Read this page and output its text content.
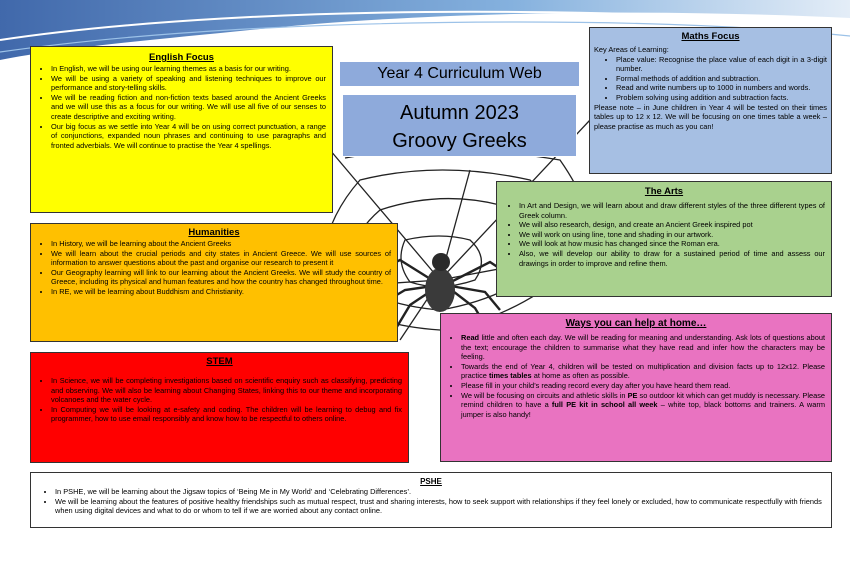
English Focus

• In English, we will be using our learning themes as a basis for our writing.
• We will be using a variety of speaking and listening techniques to improve our performance and story-telling skills.
• We will be reading fiction and non-fiction texts based around the Ancient Greeks and we will use this as a focus for our writing. We will use all five of our senses to create descriptive and exciting writing.
• Our big focus as we settle into Year 4 will be on using correct punctuation, a range of conjunctions, expanded noun phrases and continuing to use paragraphs and fronted adverbials. We will continue to practise the Year 4 spellings.
Year 4 Curriculum Web
Autumn 2023
Groovy Greeks

Maths Focus

Key Areas of Learning:

• Place value: Recognise the place value of each digit in a 3-digit number.
• Formal methods of addition and subtraction.
• Read and write numbers up to 1000 in numbers and words.
• Problem solving using addition and subtraction facts.

Please note – in June children in Year 4 will be tested on their times tables up to 12 x 12. We will be focusing on one times table a week – please practise as much as you can!

The Arts

• In Art and Design, we will learn about and draw different styles of the three different types of Greek column.
• We will also research, design, and create an Ancient Greek inspired pot
• We will work on using line, tone and shading in our artwork.
• We will look at how music has changed since the Roman era.
• Also, we will develop our ability to draw for a sustained period of time and assess our drawings in order to improve and refine them.

Humanities

• In History, we will be learning about the Ancient Greeks
• We will learn about the crucial periods and city states in Ancient Greece. We will use sources of information to answer questions about the past and organise our research to present it
• Our Geography learning will link to our learning about the Ancient Greeks. We will study the country of Greece, including its physical and human features and how the country has changed throughout time.
• In RE, we will be learning about Buddhism and Christianity.

Ways you can help at home…

• Read little and often each day. We will be reading for meaning and understanding. Ask lots of questions about the text; encourage the children to summarise what they have read and infer how the characters may be feeling.
• Towards the end of Year 4, children will be tested on multiplication and division facts up to 12x12. Please practice times tables at home as often as possible.
• Please fill in your child’s reading record every day after you have heard them read.
• We will be focusing on circuits and athletic skills in PE so outdoor kit which can get muddy is necessary. Please remind children to have a full PE kit in school all week – white top, black bottoms and trainers. A warm jumper is also handy!

STEM

• In Science, we will be completing investigations based on scientific enquiry such as classifying, predicting and observing. We will also be learning about Changing States, linking this to our theme and incorporating volcanoes and the water cycle.
• In Computing we will be looking at e-safety and coding. The children will be learning to debug and fix programmer, how to use email responsibly and know how to be respectful to others online.

PSHE

• In PSHE, we will be learning about the Jigsaw topics of ‘Being Me in My World’ and ‘Celebrating Differences’.
• We will be learning about the features of positive healthy friendships such as mutual respect, trust and sharing interests, how to seek support with relationships if they feel lonely or excluded, how to communicate respectfully with friends when using digital devices and what to do or whom to tell if we are worried about any contact online.
